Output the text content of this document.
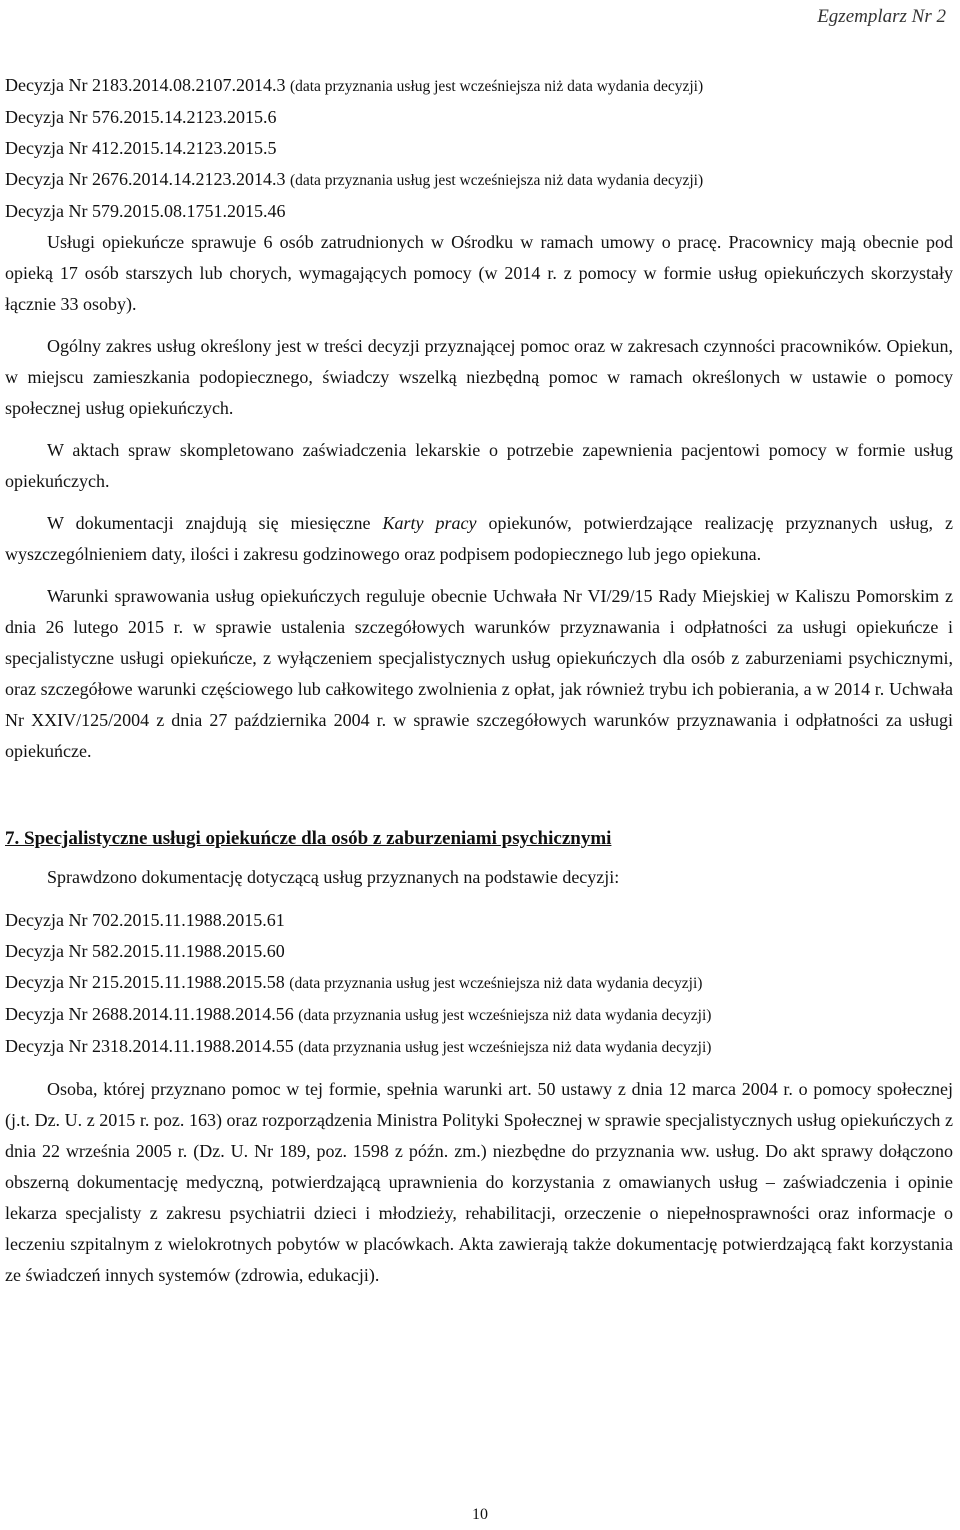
Egzemplarz Nr 2
Decyzja Nr 2183.2014.08.2107.2014.3 (data przyznania usług jest wcześniejsza niż data wydania decyzji)
Decyzja Nr 576.2015.14.2123.2015.6
Decyzja Nr 412.2015.14.2123.2015.5
Decyzja Nr 2676.2014.14.2123.2014.3 (data przyznania usług jest wcześniejsza niż data wydania decyzji)
Decyzja Nr 579.2015.08.1751.2015.46

Usługi opiekuńcze sprawuje 6 osób zatrudnionych w Ośrodku w ramach umowy o pracę. Pracownicy mają obecnie pod opieką 17 osób starszych lub chorych, wymagających pomocy (w 2014 r. z pomocy w formie usług opiekuńczych skorzystały łącznie 33 osoby).

Ogólny zakres usług określony jest w treści decyzji przyznającej pomoc oraz w zakresach czynności pracowników. Opiekun, w miejscu zamieszkania podopiecznego, świadczy wszelką niezbędną pomoc w ramach określonych w ustawie o pomocy społecznej usług opiekuńczych.

W aktach spraw skompletowano zaświadczenia lekarskie o potrzebie zapewnienia pacjentowi pomocy w formie usług opiekuńczych.

W dokumentacji znajdują się miesięczne Karty pracy opiekunów, potwierdzające realizację przyznanych usług, z wyszczególnieniem daty, ilości i zakresu godzinowego oraz podpisem podopiecznego lub jego opiekuna.

Warunki sprawowania usług opiekuńczych reguluje obecnie Uchwała Nr VI/29/15 Rady Miejskiej w Kaliszu Pomorskim z dnia 26 lutego 2015 r. w sprawie ustalenia szczegółowych warunków przyznawania i odpłatności za usługi opiekuńcze i specjalistyczne usługi opiekuńcze, z wyłączeniem specjalistycznych usług opiekuńczych dla osób z zaburzeniami psychicznymi, oraz szczegółowe warunki częściowego lub całkowitego zwolnienia z opłat, jak również trybu ich pobierania, a w 2014 r. Uchwała Nr XXIV/125/2004 z dnia 27 października 2004 r. w sprawie szczegółowych warunków przyznawania i odpłatności za usługi opiekuńcze.

7. Specjalistyczne usługi opiekuńcze dla osób z zaburzeniami psychicznymi

Sprawdzono dokumentację dotyczącą usług przyznanych na podstawie decyzji:

Decyzja Nr 702.2015.11.1988.2015.61
Decyzja Nr 582.2015.11.1988.2015.60
Decyzja Nr 215.2015.11.1988.2015.58 (data przyznania usług jest wcześniejsza niż data wydania decyzji)
Decyzja Nr 2688.2014.11.1988.2014.56 (data przyznania usług jest wcześniejsza niż data wydania decyzji)
Decyzja Nr 2318.2014.11.1988.2014.55 (data przyznania usług jest wcześniejsza niż data wydania decyzji)

Osoba, której przyznano pomoc w tej formie, spełnia warunki art. 50 ustawy z dnia 12 marca 2004 r. o pomocy społecznej (j.t. Dz. U. z 2015 r. poz. 163) oraz rozporządzenia Ministra Polityki Społecznej w sprawie specjalistycznych usług opiekuńczych z dnia 22 września 2005 r. (Dz. U. Nr 189, poz. 1598 z późn. zm.) niezbędne do przyznania ww. usług. Do akt sprawy dołączono obszerną dokumentację medyczną, potwierdzającą uprawnienia do korzystania z omawianych usług – zaświadczenia i opinie lekarza specjalisty z zakresu psychiatrii dzieci i młodzieży, rehabilitacji, orzeczenie o niepełnosprawności oraz informacje o leczeniu szpitalnym z wielokrotnych pobytów w placówkach. Akta zawierają także dokumentację potwierdzającą fakt korzystania ze świadczeń innych systemów (zdrowia, edukacji).

10
